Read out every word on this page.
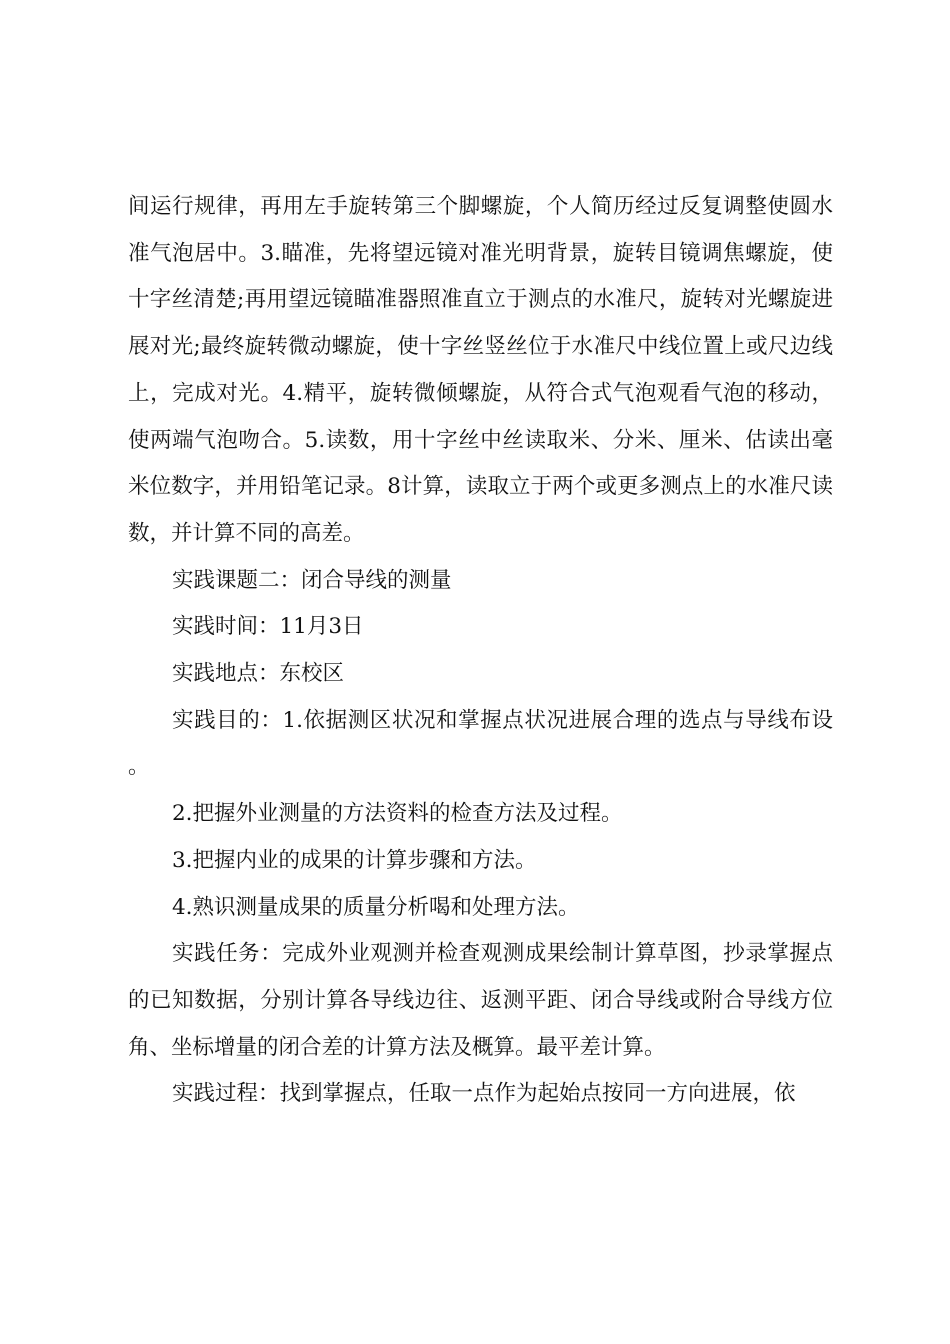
间运行规律，再用左手旋转第三个脚螺旋，个人简历经过反复调整使圆水准气泡居中。3.瞄准，先将望远镜对准光明背景，旋转目镜调焦螺旋，使十字丝清楚;再用望远镜瞄准器照准直立于测点的水准尺，旋转对光螺旋进展对光;最终旋转微动螺旋，使十字丝竖丝位于水准尺中线位置上或尺边线上，完成对光。4.精平，旋转微倾螺旋，从符合式气泡观看气泡的移动，使两端气泡吻合。5.读数，用十字丝中丝读取米、分米、厘米、估读出毫米位数字，并用铅笔记录。8计算，读取立于两个或更多测点上的水准尺读数，并计算不同的高差。

实践课题二：闭合导线的测量

实践时间：11月3日

实践地点：东校区

实践目的：1.依据测区状况和掌握点状况进展合理的选点与导线布设。

2.把握外业测量的方法资料的检查方法及过程。

3.把握内业的成果的计算步骤和方法。

4.熟识测量成果的质量分析喝和处理方法。

实践任务：完成外业观测并检查观测成果绘制计算草图，抄录掌握点的已知数据，分别计算各导线边往、返测平距、闭合导线或附合导线方位角、坐标增量的闭合差的计算方法及概算。最平差计算。

实践过程：找到掌握点，任取一点作为起始点按同一方向进展，依
